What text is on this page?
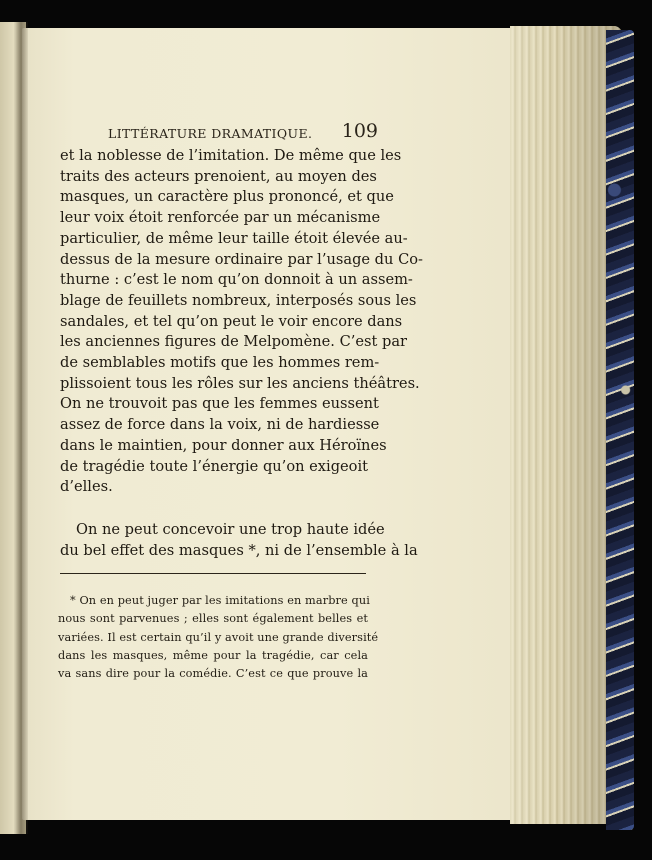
LITTÉRATURE DRAMATIQUE. 109
et la noblesse de l’imitation. De même que les
traits des acteurs prenoient, au moyen des
masques, un caractère plus prononcé, et que
leur voix étoit renforcée par un mécanisme
particulier, de même leur taille étoit élevée au-
dessus de la mesure ordinaire par l’usage du Co-
thurne : c’est le nom qu’on donnoit à un assem-
blage de feuillets nombreux, interposés sous les
sandales, et tel qu’on peut le voir encore dans
les anciennes figures de Melpomène. C’est par
de semblables motifs que les hommes rem-
plissoient tous les rôles sur les anciens théâtres.
On ne trouvoit pas que les femmes eussent
assez de force dans la voix, ni de hardiesse
dans le maintien, pour donner aux Héroïnes
de tragédie toute l’énergie qu’on exigeoit
d’elles.
On ne peut concevoir une trop haute idée
du bel effet des masques *, ni de l’ensemble à la
* On en peut juger par les imitations en marbre qui
nous sont parvenues ; elles sont également belles et
variées. Il est certain qu’il y avoit une grande diversité
dans les masques, même pour la tragédie, car cela
va sans dire pour la comédie. C’est ce que prouve la
